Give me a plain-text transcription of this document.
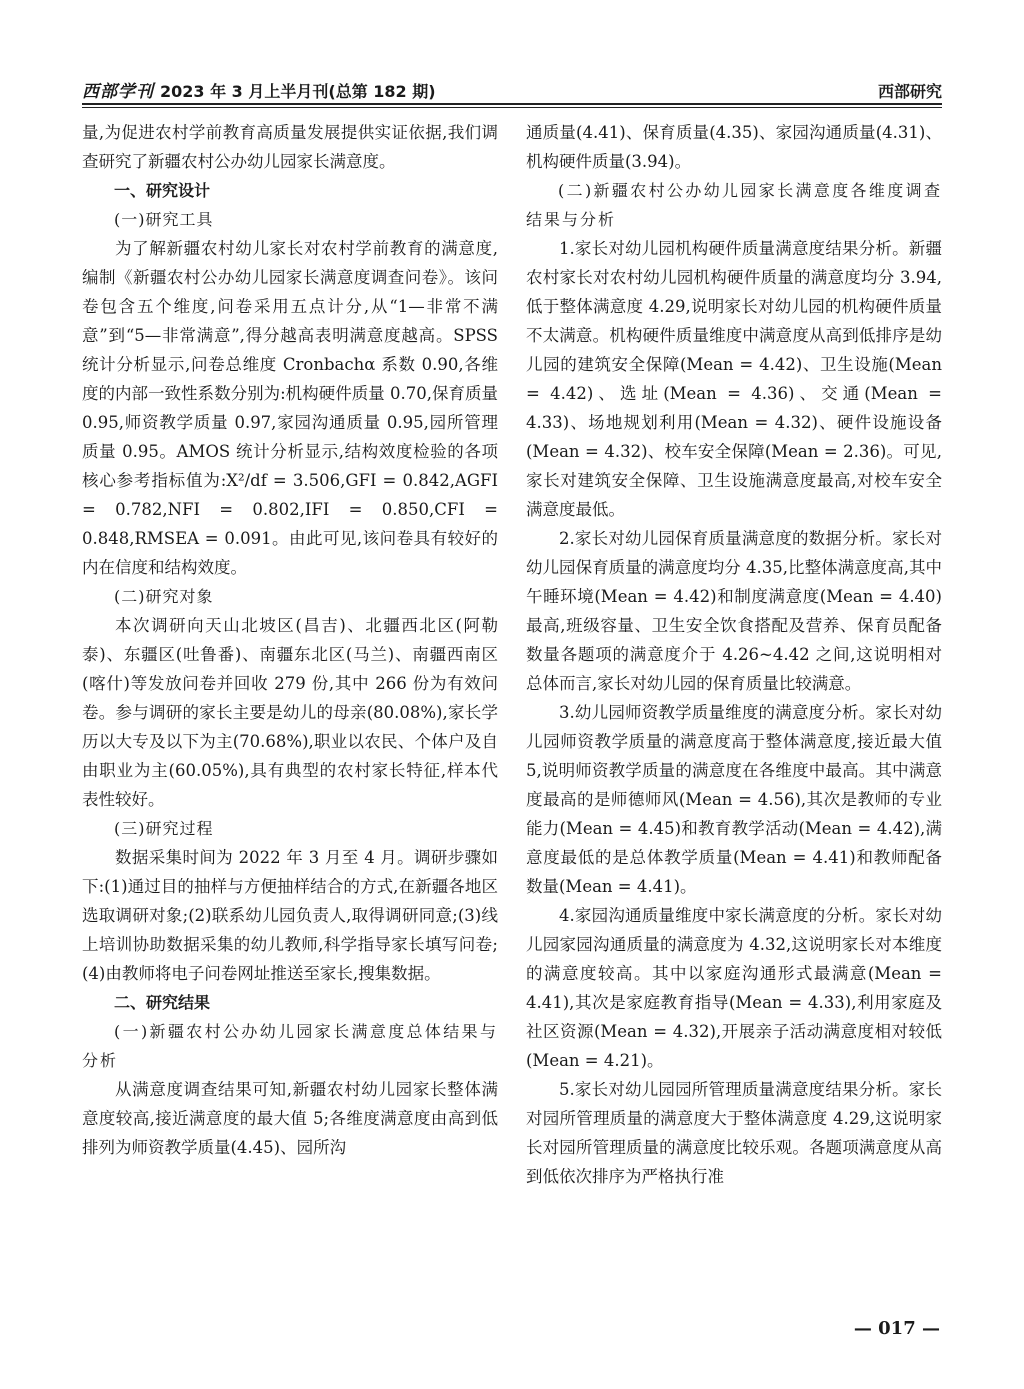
西部学刊 2023 年 3 月上半月刊(总第 182 期)	西部研究

量,为促进农村学前教育高质量发展提供实证依据,我们调查研究了新疆农村公办幼儿园家长满意度。

一、研究设计

(一)研究工具

为了解新疆农村幼儿家长对农村学前教育的满意度,编制《新疆农村公办幼儿园家长满意度调查问卷》。该问卷包含五个维度,问卷采用五点计分,从“1—非常不满意”到“5—非常满意”,得分越高表明满意度越高。SPSS 统计分析显示,问卷总维度 Cronbachα 系数 0.90,各维度的内部一致性系数分别为:机构硬件质量 0.70,保育质量 0.95,师资教学质量 0.97,家园沟通质量 0.95,园所管理质量 0.95。AMOS 统计分析显示,结构效度检验的各项核心参考指标值为:X²/df = 3.506,GFI = 0.842,AGFI = 0.782,NFI = 0.802,IFI = 0.850,CFI = 0.848,RMSEA = 0.091。由此可见,该问卷具有较好的内在信度和结构效度。

(二)研究对象

本次调研向天山北坡区(昌吉)、北疆西北区(阿勒泰)、东疆区(吐鲁番)、南疆东北区(马兰)、南疆西南区(喀什)等发放问卷并回收 279 份,其中 266 份为有效问卷。参与调研的家长主要是幼儿的母亲(80.08%),家长学历以大专及以下为主(70.68%),职业以农民、个体户及自由职业为主(60.05%),具有典型的农村家长特征,样本代表性较好。

(三)研究过程

数据采集时间为 2022 年 3 月至 4 月。调研步骤如下:(1)通过目的抽样与方便抽样结合的方式,在新疆各地区选取调研对象;(2)联系幼儿园负责人,取得调研同意;(3)线上培训协助数据采集的幼儿教师,科学指导家长填写问卷;(4)由教师将电子问卷网址推送至家长,搜集数据。

二、研究结果

(一)新疆农村公办幼儿园家长满意度总体结果与分析

从满意度调查结果可知,新疆农村幼儿园家长整体满意度较高,接近满意度的最大值 5;各维度满意度由高到低排列为师资教学质量(4.45)、园所沟

通质量(4.41)、保育质量(4.35)、家园沟通质量(4.31)、机构硬件质量(3.94)。

(二)新疆农村公办幼儿园家长满意度各维度调查结果与分析

1.家长对幼儿园机构硬件质量满意度结果分析。新疆农村家长对农村幼儿园机构硬件质量的满意度均分 3.94,低于整体满意度 4.29,说明家长对幼儿园的机构硬件质量不太满意。机构硬件质量维度中满意度从高到低排序是幼儿园的建筑安全保障(Mean = 4.42)、卫生设施(Mean = 4.42)、选址(Mean = 4.36)、交通(Mean = 4.33)、场地规划利用(Mean = 4.32)、硬件设施设备(Mean = 4.32)、校车安全保障(Mean = 2.36)。可见,家长对建筑安全保障、卫生设施满意度最高,对校车安全满意度最低。

2.家长对幼儿园保育质量满意度的数据分析。家长对幼儿园保育质量的满意度均分 4.35,比整体满意度高,其中午睡环境(Mean = 4.42)和制度满意度(Mean = 4.40)最高,班级容量、卫生安全饮食搭配及营养、保育员配备数量各题项的满意度介于 4.26~4.42 之间,这说明相对总体而言,家长对幼儿园的保育质量比较满意。

3.幼儿园师资教学质量维度的满意度分析。家长对幼儿园师资教学质量的满意度高于整体满意度,接近最大值 5,说明师资教学质量的满意度在各维度中最高。其中满意度最高的是师德师风(Mean = 4.56),其次是教师的专业能力(Mean = 4.45)和教育教学活动(Mean = 4.42),满意度最低的是总体教学质量(Mean = 4.41)和教师配备数量(Mean = 4.41)。

4.家园沟通质量维度中家长满意度的分析。家长对幼儿园家园沟通质量的满意度为 4.32,这说明家长对本维度的满意度较高。其中以家庭沟通形式最满意(Mean = 4.41),其次是家庭教育指导(Mean = 4.33),利用家庭及社区资源(Mean = 4.32),开展亲子活动满意度相对较低(Mean = 4.21)。

5.家长对幼儿园园所管理质量满意度结果分析。家长对园所管理质量的满意度大于整体满意度 4.29,这说明家长对园所管理质量的满意度比较乐观。各题项满意度从高到低依次排序为严格执行准

— 017 —
